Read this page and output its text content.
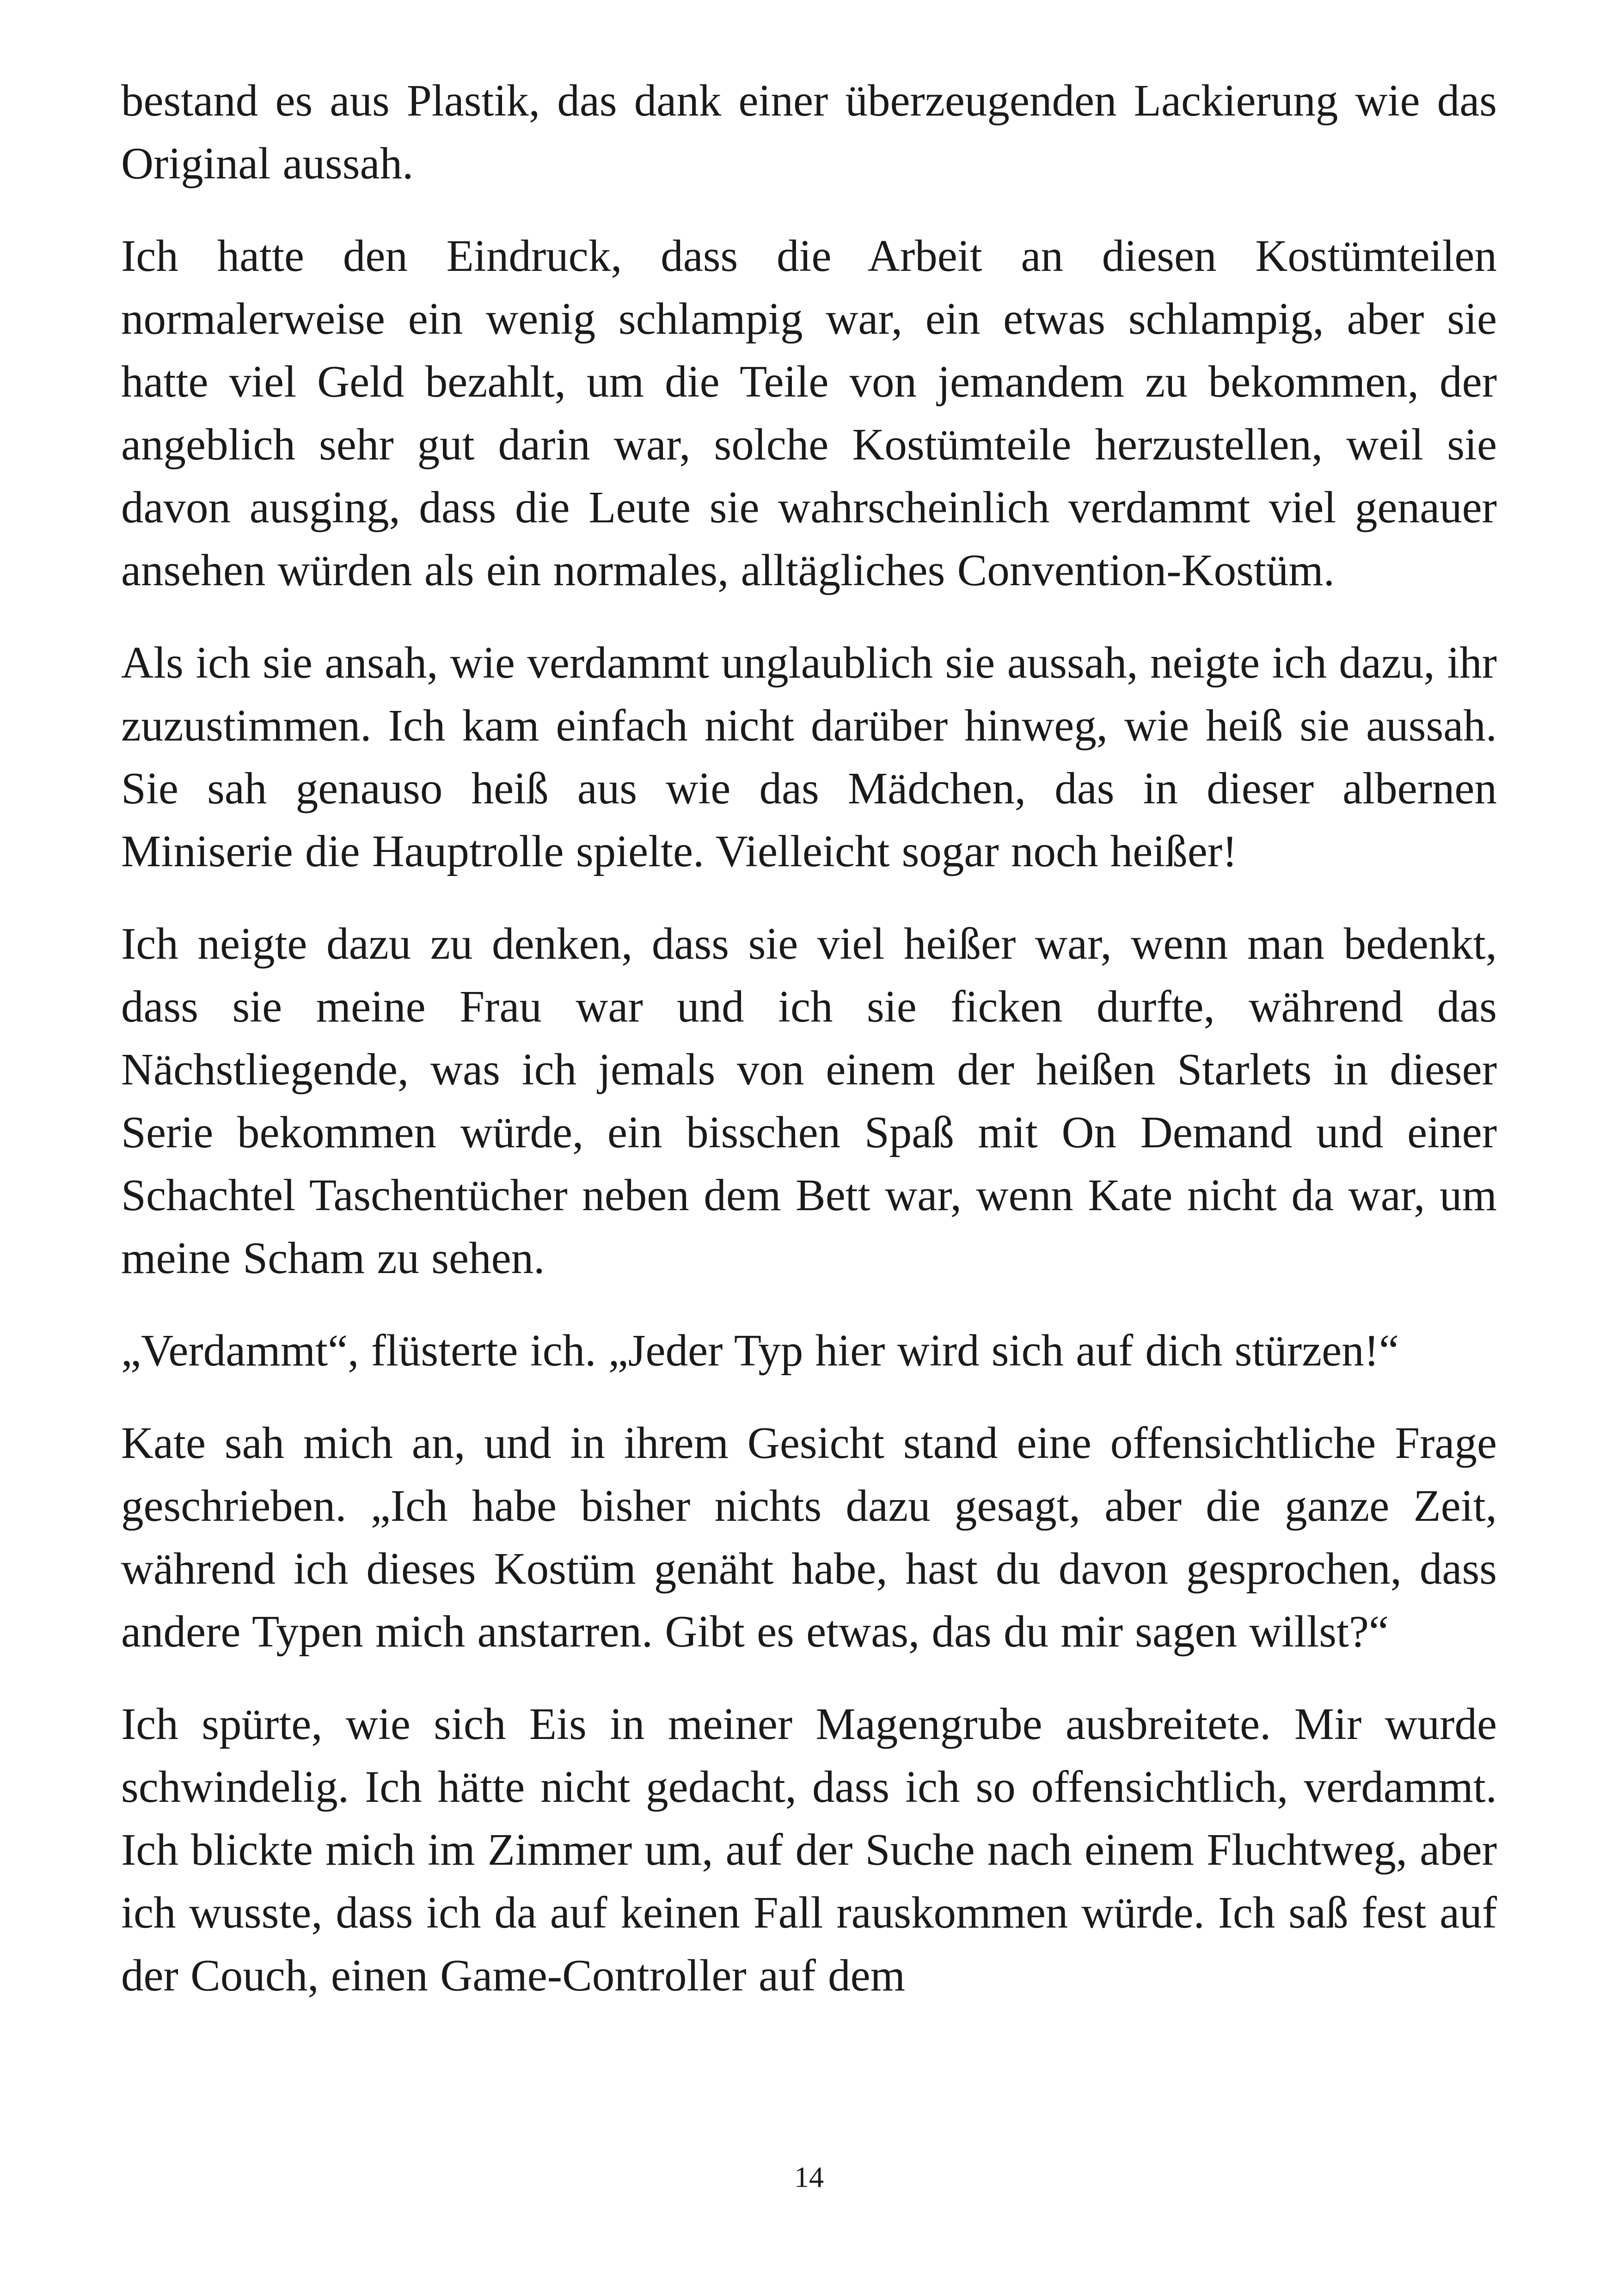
bestand es aus Plastik, das dank einer überzeugenden Lackierung wie das Original aussah.

Ich hatte den Eindruck, dass die Arbeit an diesen Kostümteilen normalerweise ein wenig schlampig war, ein etwas schlampig, aber sie hatte viel Geld bezahlt, um die Teile von jemandem zu bekommen, der angeblich sehr gut darin war, solche Kostümteile herzustellen, weil sie davon ausging, dass die Leute sie wahrscheinlich verdammt viel genauer ansehen würden als ein normales, alltägliches Convention-Kostüm.

Als ich sie ansah, wie verdammt unglaublich sie aussah, neigte ich dazu, ihr zuzustimmen. Ich kam einfach nicht darüber hinweg, wie heiß sie aussah. Sie sah genauso heiß aus wie das Mädchen, das in dieser albernen Miniserie die Hauptrolle spielte. Vielleicht sogar noch heißer!

Ich neigte dazu zu denken, dass sie viel heißer war, wenn man bedenkt, dass sie meine Frau war und ich sie ficken durfte, während das Nächstliegende, was ich jemals von einem der heißen Starlets in dieser Serie bekommen würde, ein bisschen Spaß mit On Demand und einer Schachtel Taschentücher neben dem Bett war, wenn Kate nicht da war, um meine Scham zu sehen.

„Verdammt“, flüsterte ich. „Jeder Typ hier wird sich auf dich stürzen!“

Kate sah mich an, und in ihrem Gesicht stand eine offensichtliche Frage geschrieben. „Ich habe bisher nichts dazu gesagt, aber die ganze Zeit, während ich dieses Kostüm genäht habe, hast du davon gesprochen, dass andere Typen mich anstarren. Gibt es etwas, das du mir sagen willst?“

Ich spürte, wie sich Eis in meiner Magengrube ausbreitete. Mir wurde schwindelig. Ich hätte nicht gedacht, dass ich so offensichtlich, verdammt. Ich blickte mich im Zimmer um, auf der Suche nach einem Fluchtweg, aber ich wusste, dass ich da auf keinen Fall rauskommen würde. Ich saß fest auf der Couch, einen Game-Controller auf dem

14
